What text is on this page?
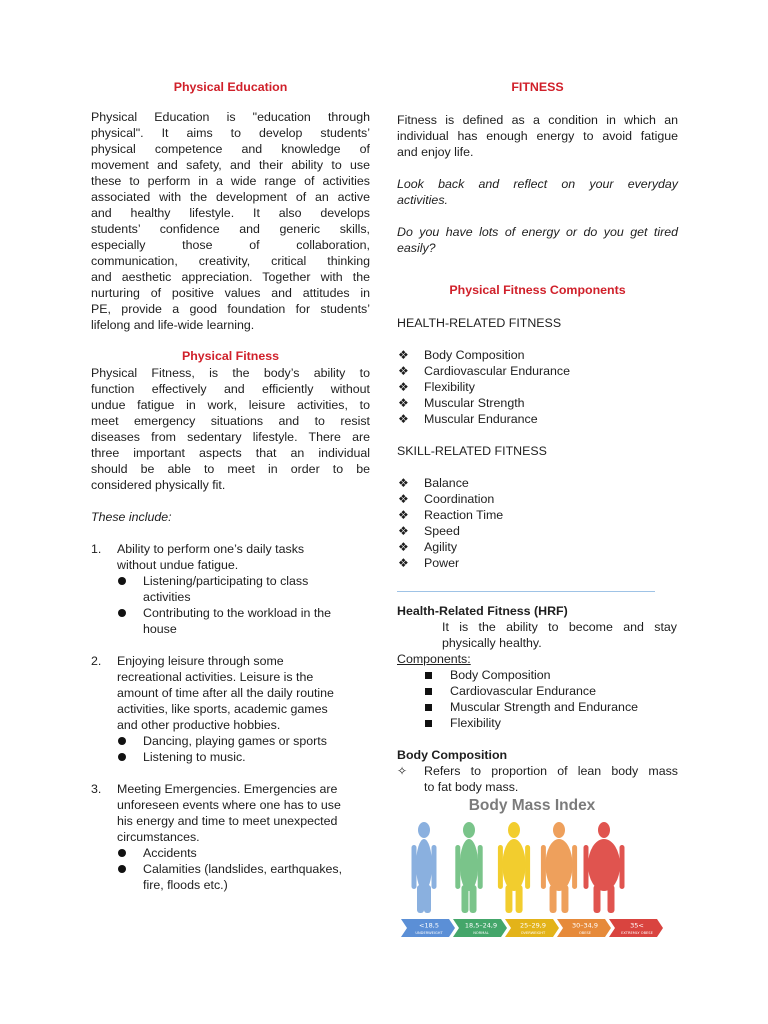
Physical Education
Physical Education is "education through
physical". It aims to develop students’
physical competence and knowledge of
movement and safety, and their ability to use
these to perform in a wide range of activities
associated with the development of an active
and healthy lifestyle. It also develops
students’ confidence and generic skills,
especially those of collaboration,
communication, creativity, critical thinking
and aesthetic appreciation. Together with the
nurturing of positive values and attitudes in
PE, provide a good foundation for students’
lifelong and life-wide learning.
Physical Fitness
Physical Fitness, is the body’s ability to
function effectively and efficiently without
undue fatigue in work, leisure activities, to
meet emergency situations and to resist
diseases from sedentary lifestyle. There are
three important aspects that an individual
should be able to meet in order to be
considered physically fit.
These include:
1. Ability to perform one’s daily tasks
without undue fatigue.
Listening/participating to class
activities
Contributing to the workload in the
house
2. Enjoying leisure through some
recreational activities. Leisure is the
amount of time after all the daily routine
activities, like sports, academic games
and other productive hobbies.
Dancing, playing games or sports
Listening to music.
3. Meeting Emergencies. Emergencies are
unforeseen events where one has to use
his energy and time to meet unexpected
circumstances.
Accidents
Calamities (landslides, earthquakes,
fire, floods etc.)
FITNESS
Fitness is defined as a condition in which an
individual has enough energy to avoid fatigue
and enjoy life.
Look back and reflect on your everyday
activities.
Do you have lots of energy or do you get tired
easily?
Physical Fitness Components
HEALTH-RELATED FITNESS
❖ Body Composition
❖ Cardiovascular Endurance
❖ Flexibility
❖ Muscular Strength
❖ Muscular Endurance
SKILL-RELATED FITNESS
❖ Balance
❖ Coordination
❖ Reaction Time
❖ Speed
❖ Agility
❖ Power
Health-Related Fitness (HRF)
It is the ability to become and stay
physically healthy.
Components:
Body Composition
Cardiovascular Endurance
Muscular Strength and Endurance
Flexibility
Body Composition
✧ Refers to proportion of lean body mass
to fat body mass.
Body Mass Index
<18,5
UNDERWEIGHT
18,5–24,9
NORMAL
25–29,9
OVERWEIGHT
30–34,9
OBESE
35<
EXTREMLY OBESE
